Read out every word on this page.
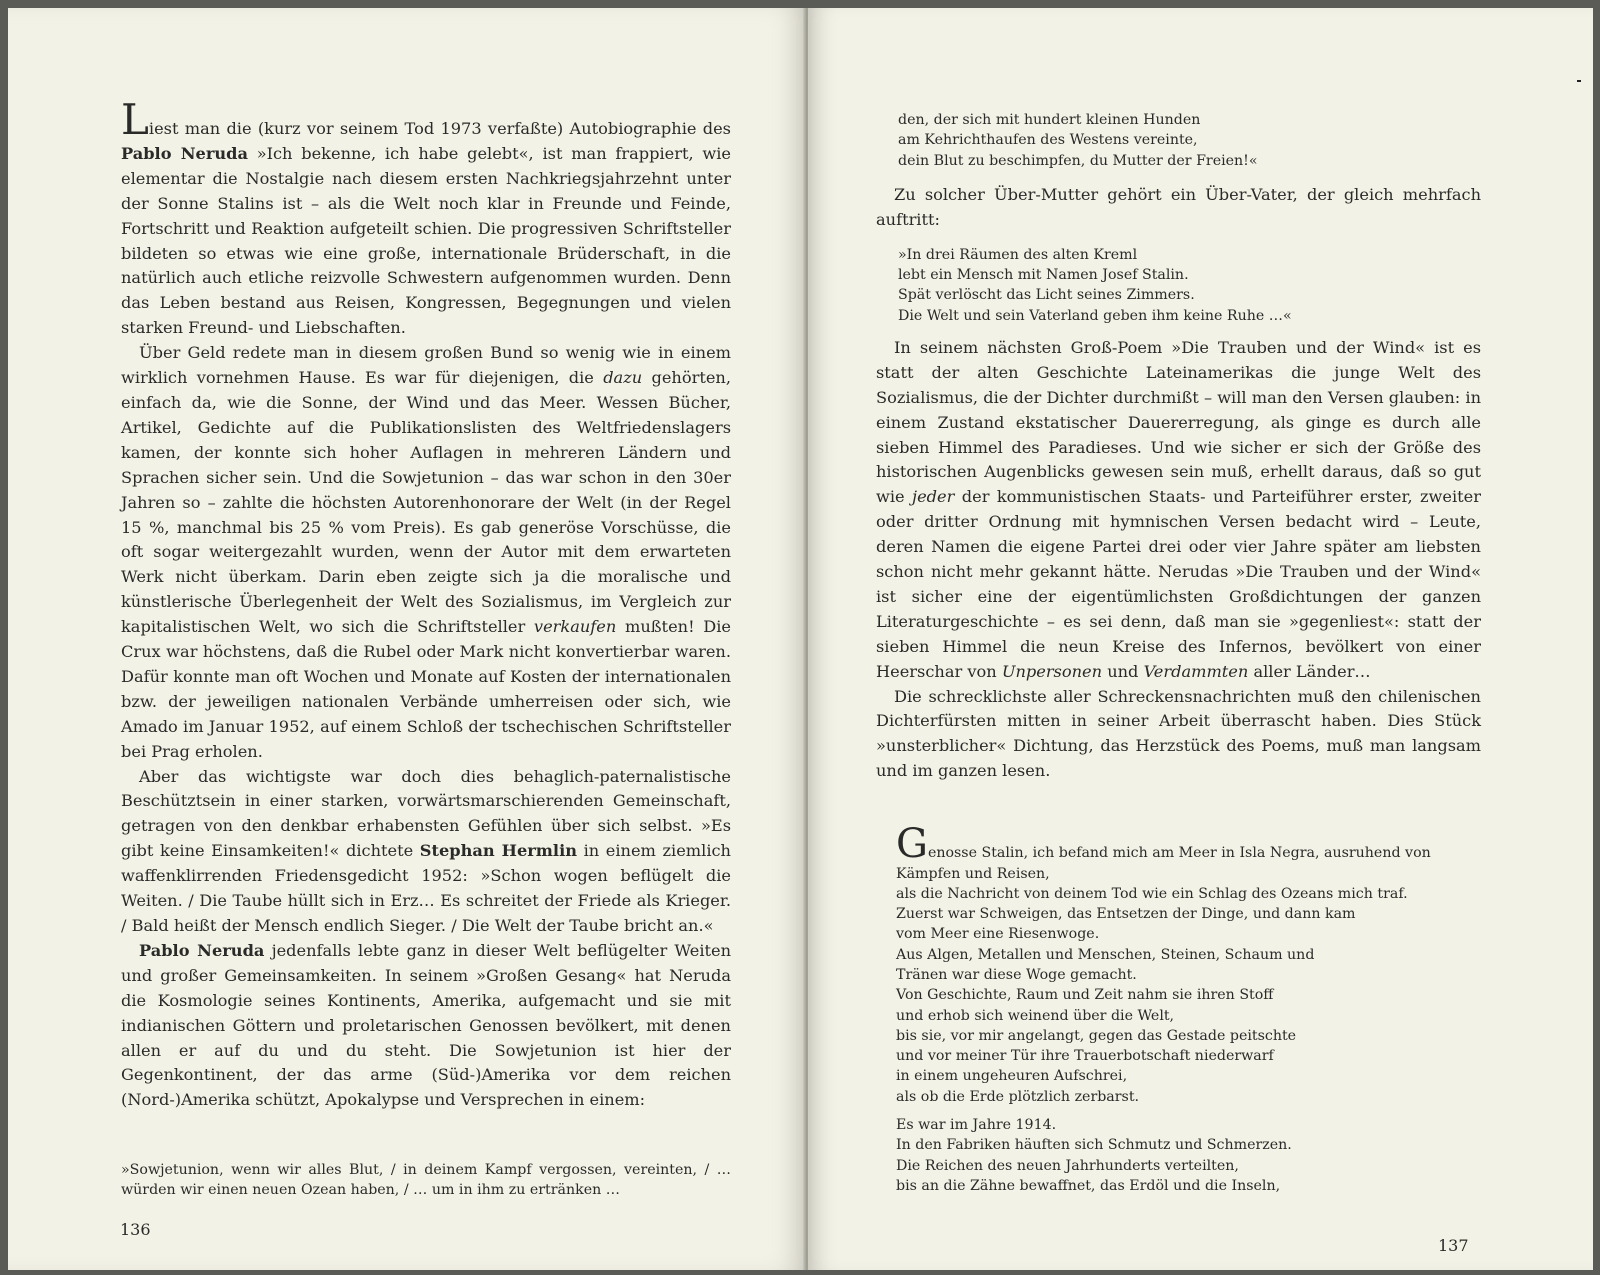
Liest man die (kurz vor seinem Tod 1973 verfaßte) Autobiographie des Pablo Neruda »Ich bekenne, ich habe gelebt«, ist man frappiert, wie elementar die Nostalgie nach diesem ersten Nachkriegsjahrzehnt unter der Sonne Stalins ist – als die Welt noch klar in Freunde und Feinde, Fortschritt und Reaktion aufgeteilt schien. Die progressiven Schriftsteller bildeten so etwas wie eine große, internationale Brüderschaft, in die natürlich auch etliche reizvolle Schwestern aufgenommen wurden. Denn das Leben bestand aus Reisen, Kongressen, Begegnungen und vielen starken Freund- und Liebschaften.

Über Geld redete man in diesem großen Bund so wenig wie in einem wirklich vornehmen Hause. Es war für diejenigen, die dazu gehörten, einfach da, wie die Sonne, der Wind und das Meer. Wessen Bücher, Artikel, Gedichte auf die Publikationslisten des Weltfriedenslagers kamen, der konnte sich hoher Auflagen in mehreren Ländern und Sprachen sicher sein. Und die Sowjetunion – das war schon in den 30er Jahren so – zahlte die höchsten Autorenhonorare der Welt (in der Regel 15 %, manchmal bis 25 % vom Preis). Es gab generöse Vorschüsse, die oft sogar weitergezahlt wurden, wenn der Autor mit dem erwarteten Werk nicht überkam. Darin eben zeigte sich ja die moralische und künstlerische Überlegenheit der Welt des Sozialismus, im Vergleich zur kapitalistischen Welt, wo sich die Schriftsteller verkaufen mußten! Die Crux war höchstens, daß die Rubel oder Mark nicht konvertierbar waren. Dafür konnte man oft Wochen und Monate auf Kosten der internationalen bzw. der jeweiligen nationalen Verbände umherreisen oder sich, wie Amado im Januar 1952, auf einem Schloß der tschechischen Schriftsteller bei Prag erholen.

Aber das wichtigste war doch dies behaglich-paternalistische Beschütztsein in einer starken, vorwärtsmarschierenden Gemeinschaft, getragen von den denkbar erhabensten Gefühlen über sich selbst. »Es gibt keine Einsamkeiten!« dichtete Stephan Hermlin in einem ziemlich waffenklirrenden Friedensgedicht 1952: »Schon wogen beflügelt die Weiten. / Die Taube hüllt sich in Erz… Es schreitet der Friede als Krieger. / Bald heißt der Mensch endlich Sieger. / Die Welt der Taube bricht an.«

Pablo Neruda jedenfalls lebte ganz in dieser Welt beflügelter Weiten und großer Gemeinsamkeiten. In seinem »Großen Gesang« hat Neruda die Kosmologie seines Kontinents, Amerika, aufgemacht und sie mit indianischen Göttern und proletarischen Genossen bevölkert, mit denen allen er auf du und du steht. Die Sowjetunion ist hier der Gegenkontinent, der das arme (Süd-)Amerika vor dem reichen (Nord-)Amerika schützt, Apokalypse und Versprechen in einem:

»Sowjetunion, wenn wir alles Blut, / in deinem Kampf vergossen, vereinten, / … würden wir einen neuen Ozean haben, / … um in ihm zu ertränken …

136

den, der sich mit hundert kleinen Hunden
am Kehrichthaufen des Westens vereinte,
dein Blut zu beschimpfen, du Mutter der Freien!«

Zu solcher Über-Mutter gehört ein Über-Vater, der gleich mehrfach auftritt:

»In drei Räumen des alten Kreml
lebt ein Mensch mit Namen Josef Stalin.
Spät verlöscht das Licht seines Zimmers.
Die Welt und sein Vaterland geben ihm keine Ruhe …«

In seinem nächsten Groß-Poem »Die Trauben und der Wind« ist es statt der alten Geschichte Lateinamerikas die junge Welt des Sozialismus, die der Dichter durchmißt – will man den Versen glauben: in einem Zustand ekstatischer Dauererregung, als ginge es durch alle sieben Himmel des Paradieses. Und wie sicher er sich der Größe des historischen Augenblicks gewesen sein muß, erhellt daraus, daß so gut wie jeder der kommunistischen Staats- und Parteiführer erster, zweiter oder dritter Ordnung mit hymnischen Versen bedacht wird – Leute, deren Namen die eigene Partei drei oder vier Jahre später am liebsten schon nicht mehr gekannt hätte. Nerudas »Die Trauben und der Wind« ist sicher eine der eigentümlichsten Großdichtungen der ganzen Literaturgeschichte – es sei denn, daß man sie »gegenliest«: statt der sieben Himmel die neun Kreise des Infernos, bevölkert von einer Heerschar von Unpersonen und Verdammten aller Länder…

Die schrecklichste aller Schreckensnachrichten muß den chilenischen Dichterfürsten mitten in seiner Arbeit überrascht haben. Dies Stück »unsterblicher« Dichtung, das Herzstück des Poems, muß man langsam und im ganzen lesen.

Genosse Stalin, ich befand mich am Meer in Isla Negra, ausruhend von
Kämpfen und Reisen,
als die Nachricht von deinem Tod wie ein Schlag des Ozeans mich traf.
Zuerst war Schweigen, das Entsetzen der Dinge, und dann kam
vom Meer eine Riesenwoge.
Aus Algen, Metallen und Menschen, Steinen, Schaum und
Tränen war diese Woge gemacht.
Von Geschichte, Raum und Zeit nahm sie ihren Stoff
und erhob sich weinend über die Welt,
bis sie, vor mir angelangt, gegen das Gestade peitschte
und vor meiner Tür ihre Trauerbotschaft niederwarf
in einem ungeheuren Aufschrei,
als ob die Erde plötzlich zerbarst.

Es war im Jahre 1914.
In den Fabriken häuften sich Schmutz und Schmerzen.
Die Reichen des neuen Jahrhunderts verteilten,
bis an die Zähne bewaffnet, das Erdöl und die Inseln,

137
